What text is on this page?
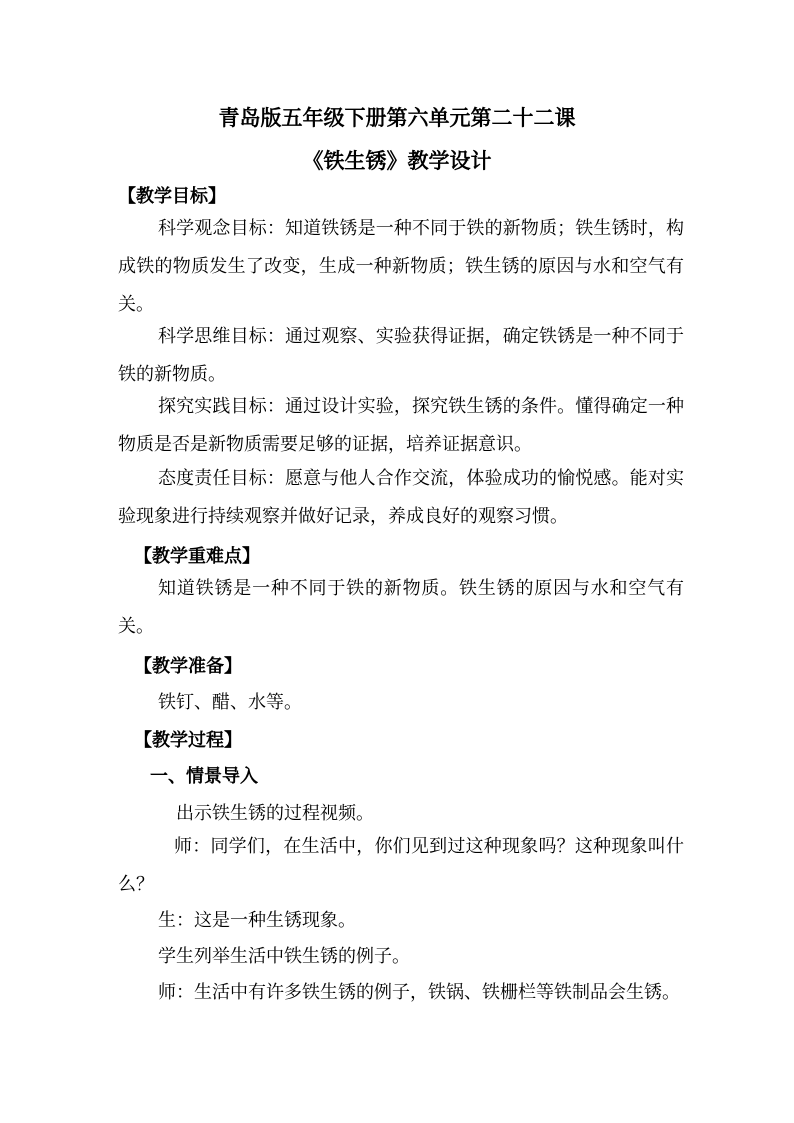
青岛版五年级下册第六单元第二十二课
《铁生锈》教学设计
【教学目标】
科学观念目标：知道铁锈是一种不同于铁的新物质；铁生锈时，构成铁的物质发生了改变，生成一种新物质；铁生锈的原因与水和空气有关。
科学思维目标：通过观察、实验获得证据，确定铁锈是一种不同于铁的新物质。
探究实践目标：通过设计实验，探究铁生锈的条件。懂得确定一种物质是否是新物质需要足够的证据，培养证据意识。
态度责任目标：愿意与他人合作交流，体验成功的愉悦感。能对实验现象进行持续观察并做好记录，养成良好的观察习惯。
【教学重难点】
知道铁锈是一种不同于铁的新物质。铁生锈的原因与水和空气有关。
【教学准备】
铁钉、醋、水等。
【教学过程】
一、情景导入
出示铁生锈的过程视频。
师：同学们，在生活中，你们见到过这种现象吗？这种现象叫什么？
生：这是一种生锈现象。
学生列举生活中铁生锈的例子。
师：生活中有许多铁生锈的例子，铁锅、铁栅栏等铁制品会生锈。
